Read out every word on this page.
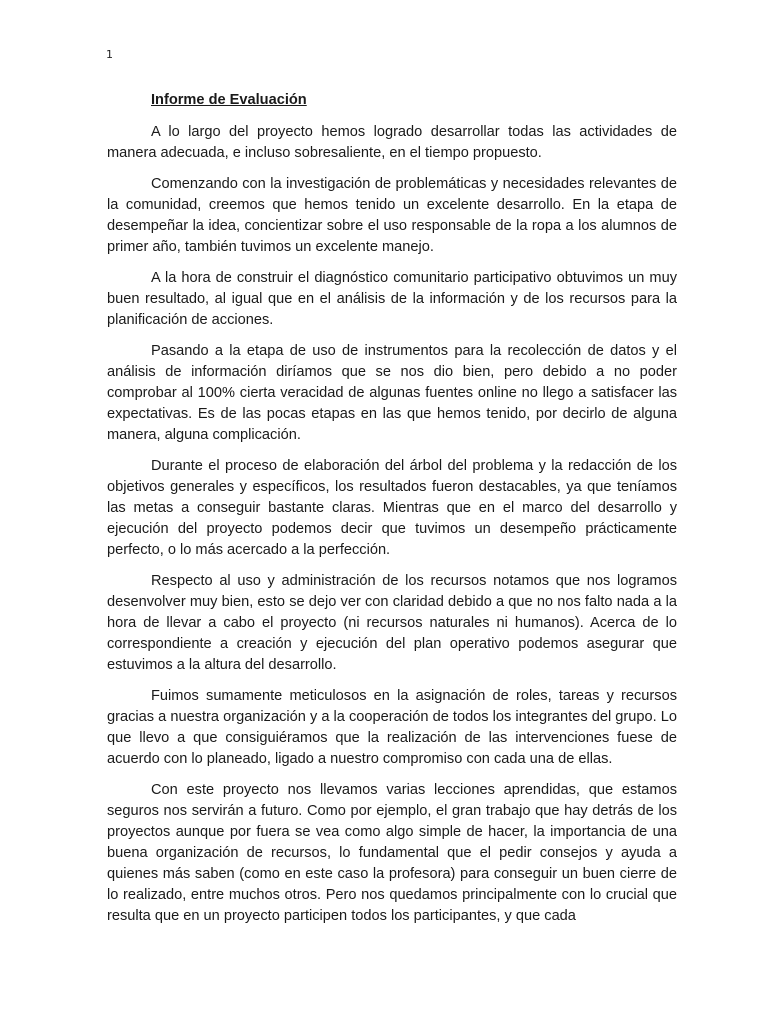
1
Informe de Evaluación

A lo largo del proyecto hemos logrado desarrollar todas las actividades de manera adecuada, e incluso sobresaliente, en el tiempo propuesto.

Comenzando con la investigación de problemáticas y necesidades relevantes de la comunidad, creemos que hemos tenido un excelente desarrollo. En la etapa de desempeñar la idea, concientizar sobre el uso responsable de la ropa a los alumnos de primer año, también tuvimos un excelente manejo.

A la hora de construir el diagnóstico comunitario participativo obtuvimos un muy buen resultado, al igual que en el análisis de la información y de los recursos para la planificación de acciones.

Pasando a la etapa de uso de instrumentos para la recolección de datos y el análisis de información diríamos que se nos dio bien, pero debido a no poder comprobar al 100% cierta veracidad de algunas fuentes online no llego a satisfacer las expectativas. Es de las pocas etapas en las que hemos tenido, por decirlo de alguna manera, alguna complicación.

Durante el proceso de elaboración del árbol del problema y la redacción de los objetivos generales y específicos, los resultados fueron destacables, ya que teníamos las metas a conseguir bastante claras. Mientras que en el marco del desarrollo y ejecución del proyecto podemos decir que tuvimos un desempeño prácticamente perfecto, o lo más acercado a la perfección.

Respecto al uso y administración de los recursos notamos que nos logramos desenvolver muy bien, esto se dejo ver con claridad debido a que no nos falto nada a la hora de llevar a cabo el proyecto (ni recursos naturales ni humanos). Acerca de lo correspondiente a creación y ejecución del plan operativo podemos asegurar que estuvimos a la altura del desarrollo.

Fuimos sumamente meticulosos en la asignación de roles, tareas y recursos gracias a nuestra organización y a la cooperación de todos los integrantes del grupo. Lo que llevo a que consiguiéramos que la realización de las intervenciones fuese de acuerdo con lo planeado, ligado a nuestro compromiso con cada una de ellas.

Con este proyecto nos llevamos varias lecciones aprendidas, que estamos seguros nos servirán a futuro. Como por ejemplo, el gran trabajo que hay detrás de los proyectos aunque por fuera se vea como algo simple de hacer, la importancia de una buena organización de recursos, lo fundamental que el pedir consejos y ayuda a quienes más saben (como en este caso la profesora) para conseguir un buen cierre de lo realizado, entre muchos otros. Pero nos quedamos principalmente con lo crucial que resulta que en un proyecto participen todos los participantes, y que cada
